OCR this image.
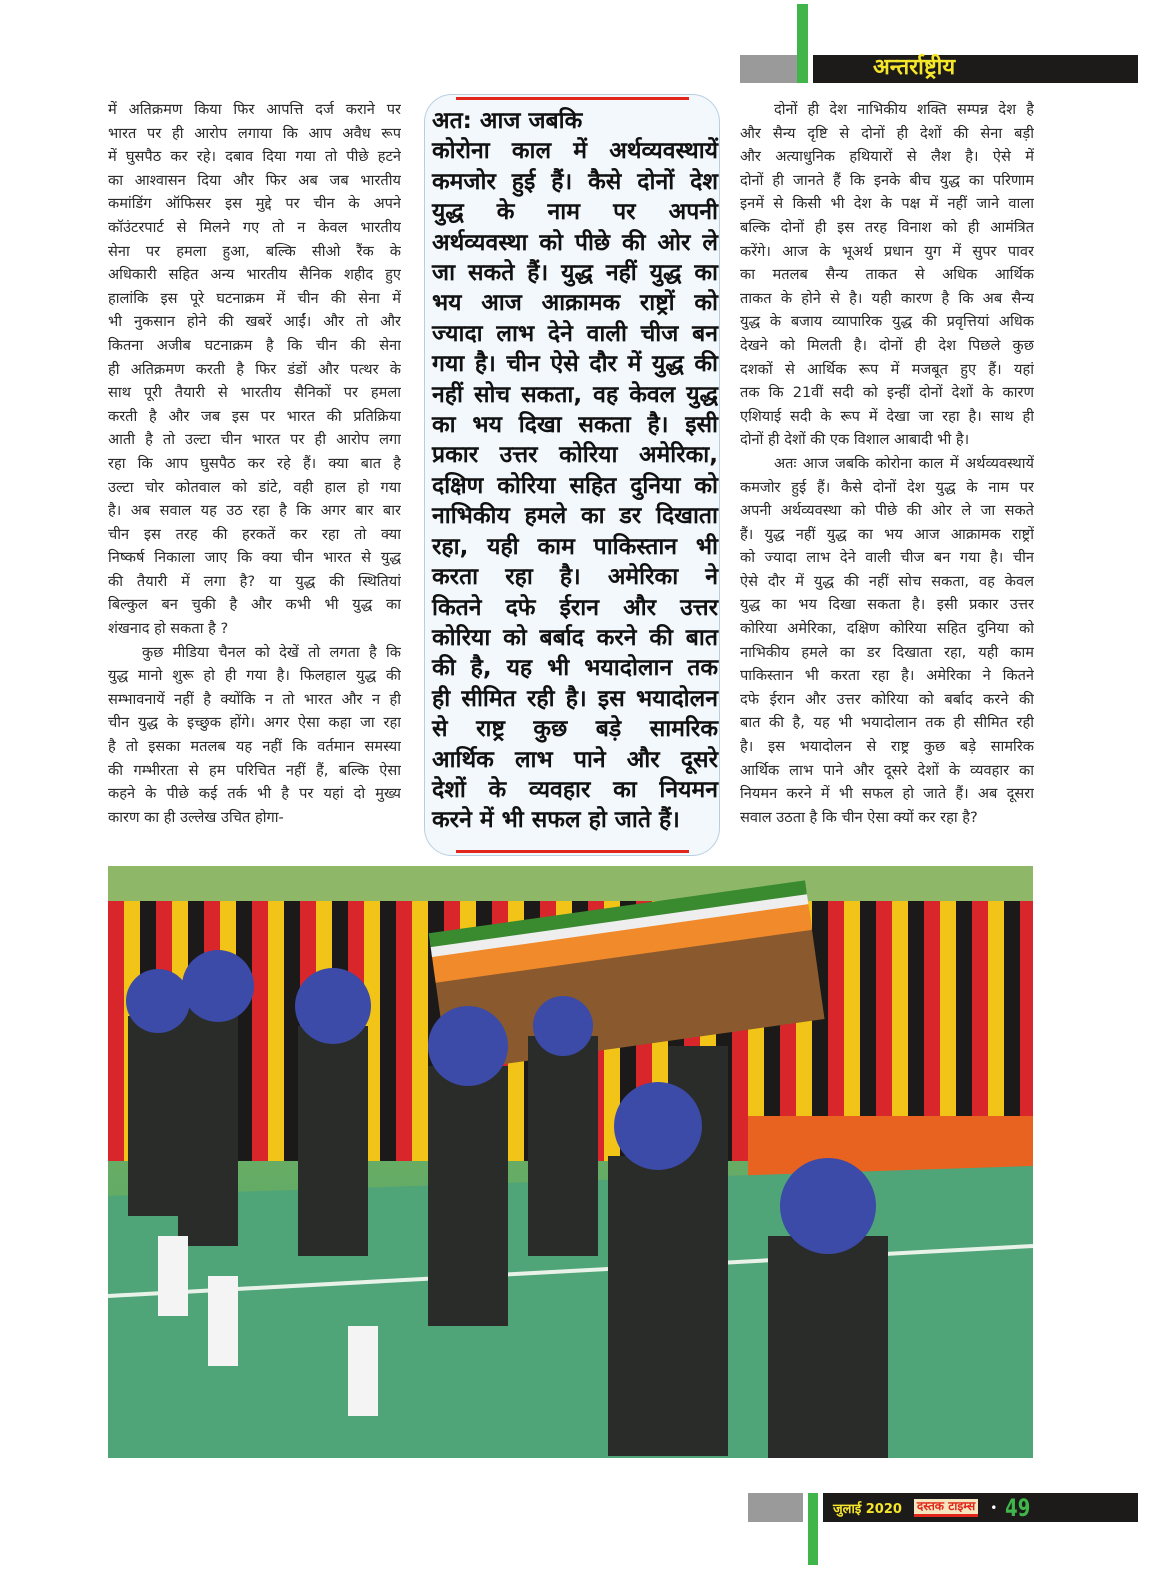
अन्तर्राष्ट्रीय
में अतिक्रमण किया फिर आपत्ति दर्ज कराने पर
भारत पर ही आरोप लगाया कि आप अवैध रूप
में घुसपैठ कर रहे। दबाव दिया गया तो पीछे हटने
का आश्वासन दिया और फिर अब जब भारतीय
कमांडिंग ऑफिसर इस मुद्दे पर चीन के अपने
कॉउंटरपार्ट से मिलने गए तो न केवल भारतीय
सेना पर हमला हुआ, बल्कि सीओ रैंक के
अधिकारी सहित अन्य भारतीय सैनिक शहीद हुए
हालांकि इस पूरे घटनाक्रम में चीन की सेना में
भी नुकसान होने की खबरें आईं। और तो और
कितना अजीब घटनाक्रम है कि चीन की सेना
ही अतिक्रमण करती है फिर डंडों और पत्थर के
साथ पूरी तैयारी से भारतीय सैनिकों पर हमला
करती है और जब इस पर भारत की प्रतिक्रिया
आती है तो उल्टा चीन भारत पर ही आरोप लगा
रहा कि आप घुसपैठ कर रहे हैं। क्या बात है
उल्टा चोर कोतवाल को डांटे, वही हाल हो गया
है। अब सवाल यह उठ रहा है कि अगर बार बार
चीन इस तरह की हरकतें कर रहा तो क्या
निष्कर्ष निकाला जाए कि क्या चीन भारत से युद्ध
की तैयारी में लगा है? या युद्ध की स्थितियां
बिल्कुल बन चुकी है और कभी भी युद्ध का
शंखनाद हो सकता है ?
कुछ मीडिया चैनल को देखें तो लगता है कि
युद्ध मानो शुरू हो ही गया है। फिलहाल युद्ध की
सम्भावनायें नहीं है क्योंकि न तो भारत और न ही
चीन युद्ध के इच्छुक होंगे। अगर ऐसा कहा जा रहा
है तो इसका मतलब यह नहीं कि वर्तमान समस्या
की गम्भीरता से हम परिचित नहीं हैं, बल्कि ऐसा
कहने के पीछे कई तर्क भी है पर यहां दो मुख्य
कारण का ही उल्लेख उचित होगा-
अत: आज जबकि
कोरोना काल में अर्थव्यवस्थायें
कमजोर हुई हैं। कैसे दोनों देश
युद्ध के नाम पर अपनी
अर्थव्यवस्था को पीछे की ओर ले
जा सकते हैं। युद्ध नहीं युद्ध का
भय आज आक्रामक राष्ट्रों को
ज्यादा लाभ देने वाली चीज बन
गया है। चीन ऐसे दौर में युद्ध की
नहीं सोच सकता, वह केवल युद्ध
का भय दिखा सकता है। इसी
प्रकार उत्तर कोरिया अमेरिका,
दक्षिण कोरिया सहित दुनिया को
नाभिकीय हमले का डर दिखाता
रहा, यही काम पाकिस्तान भी
करता रहा है। अमेरिका ने
कितने दफे ईरान और उत्तर
कोरिया को बर्बाद करने की बात
की है, यह भी भयादोलान तक
ही सीमित रही है। इस भयादोलन
से राष्ट्र कुछ बड़े सामरिक
आर्थिक लाभ पाने और दूसरे
देशों के व्यवहार का नियमन
करने में भी सफल हो जाते हैं।
दोनों ही देश नाभिकीय शक्ति सम्पन्न देश है
और सैन्य दृष्टि से दोनों ही देशों की सेना बड़ी
और अत्याधुनिक हथियारों से लैश है। ऐसे में
दोनों ही जानते हैं कि इनके बीच युद्ध का परिणाम
इनमें से किसी भी देश के पक्ष में नहीं जाने वाला
बल्कि दोनों ही इस तरह विनाश को ही आमंत्रित
करेंगे। आज के भूअर्थ प्रधान युग में सुपर पावर
का मतलब सैन्य ताकत से अधिक आर्थिक
ताकत के होने से है। यही कारण है कि अब सैन्य
युद्ध के बजाय व्यापारिक युद्ध की प्रवृत्तियां अधिक
देखने को मिलती है। दोनों ही देश पिछले कुछ
दशकों से आर्थिक रूप में मजबूत हुए हैं। यहां
तक कि 21वीं सदी को इन्हीं दोनों देशों के कारण
एशियाई सदी के रूप में देखा जा रहा है। साथ ही
दोनों ही देशों की एक विशाल आबादी भी है।
अतः आज जबकि कोरोना काल में अर्थव्यवस्थायें
कमजोर हुई हैं। कैसे दोनों देश युद्ध के नाम पर
अपनी अर्थव्यवस्था को पीछे की ओर ले जा सकते
हैं। युद्ध नहीं युद्ध का भय आज आक्रामक राष्ट्रों
को ज्यादा लाभ देने वाली चीज बन गया है। चीन
ऐसे दौर में युद्ध की नहीं सोच सकता, वह केवल
युद्ध का भय दिखा सकता है। इसी प्रकार उत्तर
कोरिया अमेरिका, दक्षिण कोरिया सहित दुनिया को
नाभिकीय हमले का डर दिखाता रहा, यही काम
पाकिस्तान भी करता रहा है। अमेरिका ने कितने
दफे ईरान और उत्तर कोरिया को बर्बाद करने की
बात की है, यह भी भयादोलान तक ही सीमित रही
है। इस भयादोलन से राष्ट्र कुछ बड़े सामरिक
आर्थिक लाभ पाने और दूसरे देशों के व्यवहार का
नियमन करने में भी सफल हो जाते हैं। अब दूसरा
सवाल उठता है कि चीन ऐसा क्यों कर रहा है?
जुलाई 2020 दस्तक टाइम्स • 49
